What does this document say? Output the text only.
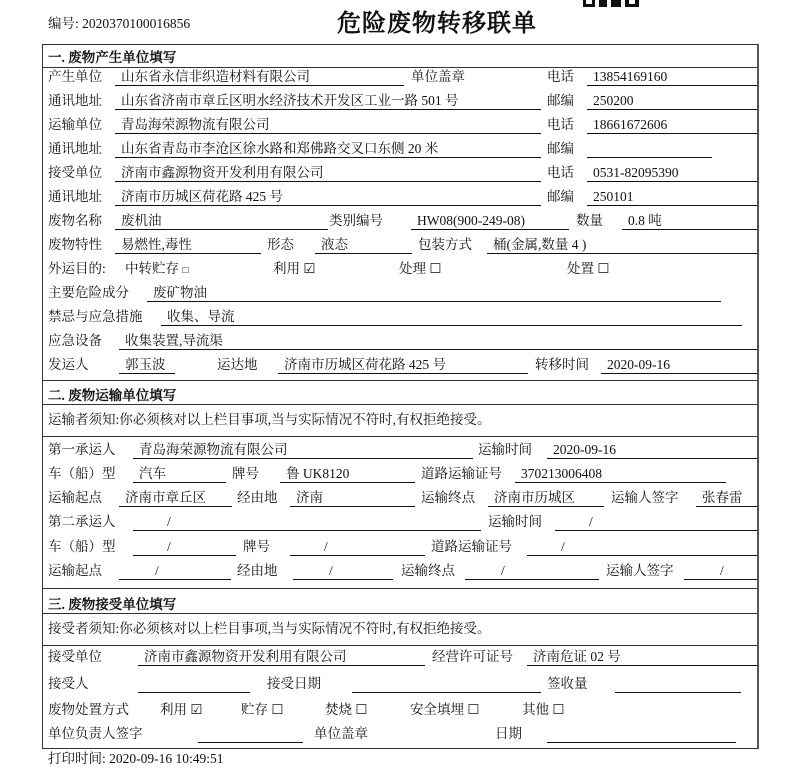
编号: 2020370100016856	危险废物转移联单
一. 废物产生单位填写
产生单位	山东省永信非织造材料有限公司	单位盖章	电话	13854169160
通讯地址	山东省济南市章丘区明水经济技术开发区工业一路 501 号	邮编	250200
运输单位	青岛海荣源物流有限公司	电话	18661672606
通讯地址	山东省青岛市李沧区徐水路和郑佛路交叉口东侧 20 米	邮编
接受单位	济南市鑫源物资开发利用有限公司	电话	0531-82095390
通讯地址	济南市历城区荷花路 425 号	邮编	250101
废物名称	废机油	类别编号	HW08(900-249-08)	数量	0.8 吨
废物特性	易燃性,毒性	形态	液态	包装方式	桶(金属,数量 4 )
外运目的: 中转贮存 □	利用 ☑	处理 ☐	处置 ☐
主要危险成分	废矿物油
禁忌与应急措施	收集、导流
应急设备	收集装置,导流渠
发运人	郭玉波	运达地	济南市历城区荷花路 425 号	转移时间	2020-09-16
二. 废物运输单位填写
运输者须知:你必须核对以上栏目事项,当与实际情况不符时,有权拒绝接受。
第一承运人	青岛海荣源物流有限公司	运输时间	2020-09-16
车（船）型	汽车	牌号	鲁 UK8120	道路运输证号	370213006408
运输起点	济南市章丘区	经由地	济南	运输终点	济南市历城区	运输人签字	张春雷
第二承运人	/	运输时间	/
车（船）型	/	牌号	/	道路运输证号	/
运输起点	/	经由地	/	运输终点	/	运输人签字	/
三. 废物接受单位填写
接受者须知:你必须核对以上栏目事项,当与实际情况不符时,有权拒绝接受。
接受单位	济南市鑫源物资开发利用有限公司	经营许可证号	济南危证 02 号
接受人	接受日期	签收量
废物处置方式 利用 ☑	贮存 ☐	焚烧 ☐	安全填埋 ☐	其他 ☐
单位负责人签字	单位盖章	日期
打印时间: 2020-09-16 10:49:51
